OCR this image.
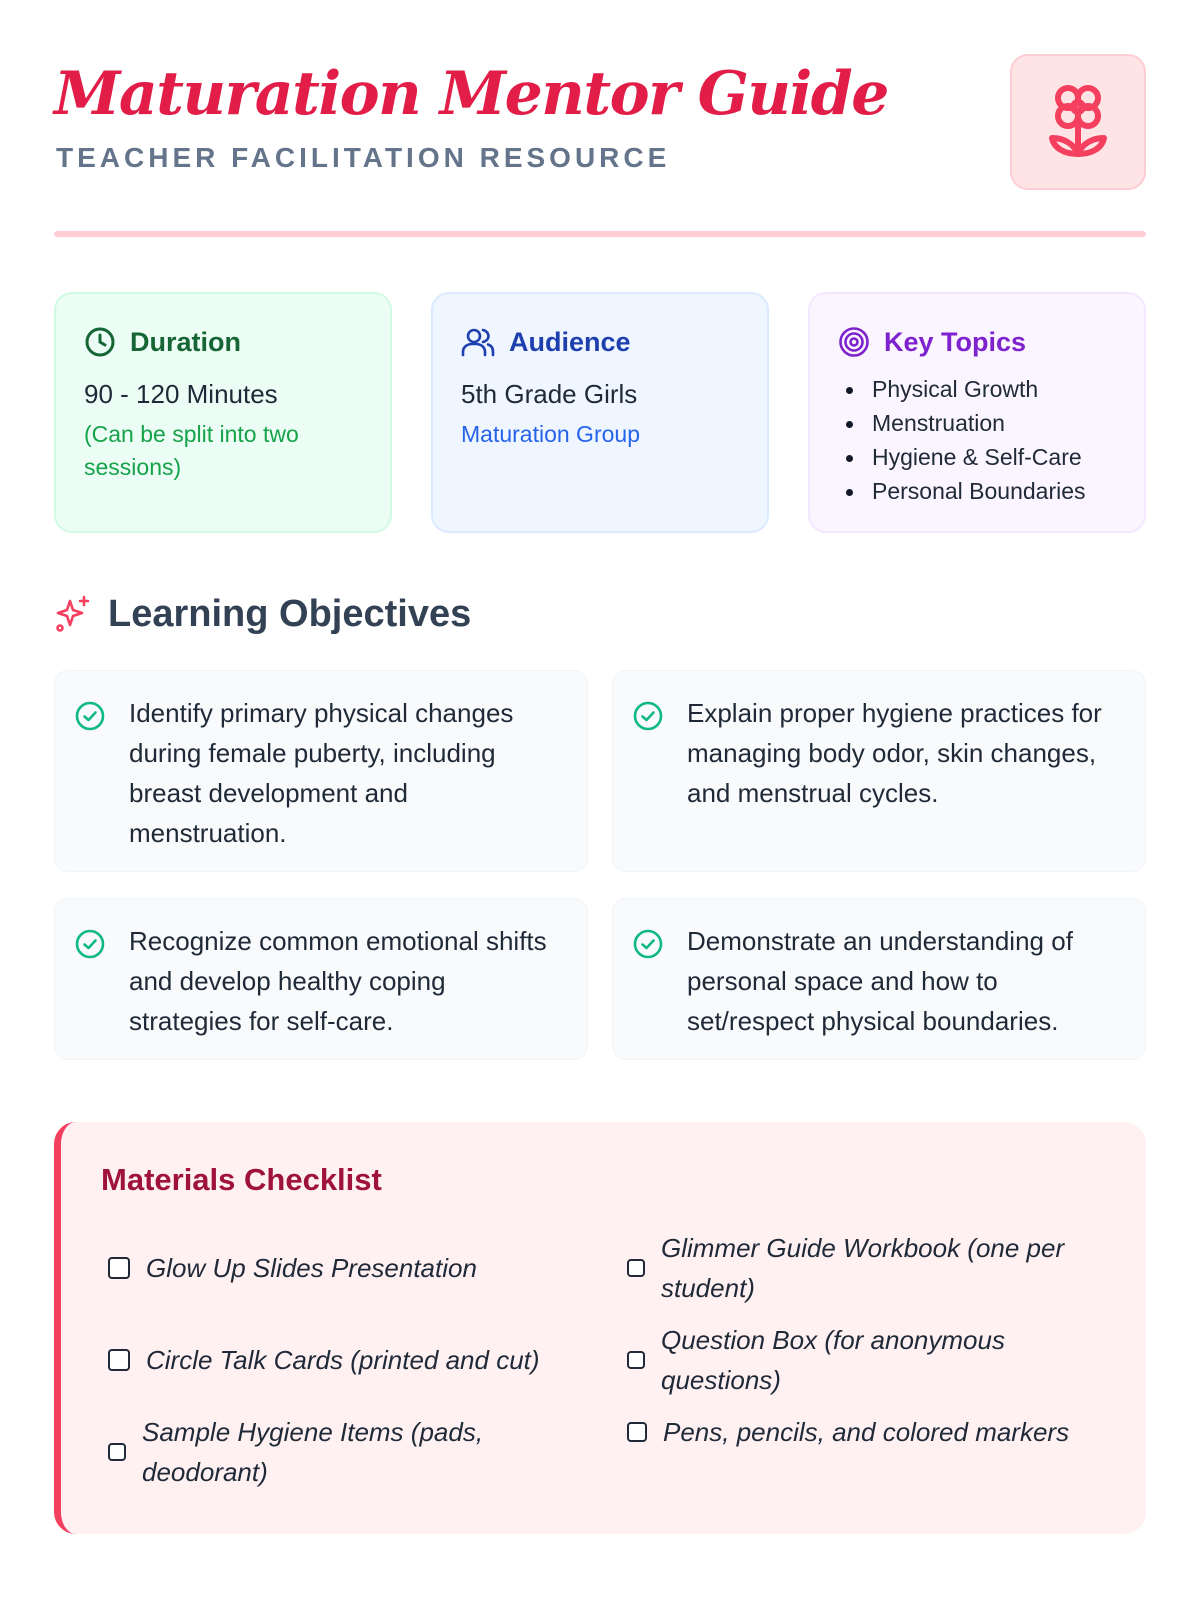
Maturation Mentor Guide
TEACHER FACILITATION RESOURCE
Duration
90 - 120 Minutes
(Can be split into two sessions)
Audience
5th Grade Girls
Maturation Group
Key Topics
Physical Growth
Menstruation
Hygiene & Self-Care
Personal Boundaries
Learning Objectives
Identify primary physical changes during female puberty, including breast development and menstruation.
Explain proper hygiene practices for managing body odor, skin changes, and menstrual cycles.
Recognize common emotional shifts and develop healthy coping strategies for self-care.
Demonstrate an understanding of personal space and how to set/respect physical boundaries.
Materials Checklist
Glow Up Slides Presentation
Glimmer Guide Workbook (one per student)
Circle Talk Cards (printed and cut)
Question Box (for anonymous questions)
Sample Hygiene Items (pads, deodorant)
Pens, pencils, and colored markers
